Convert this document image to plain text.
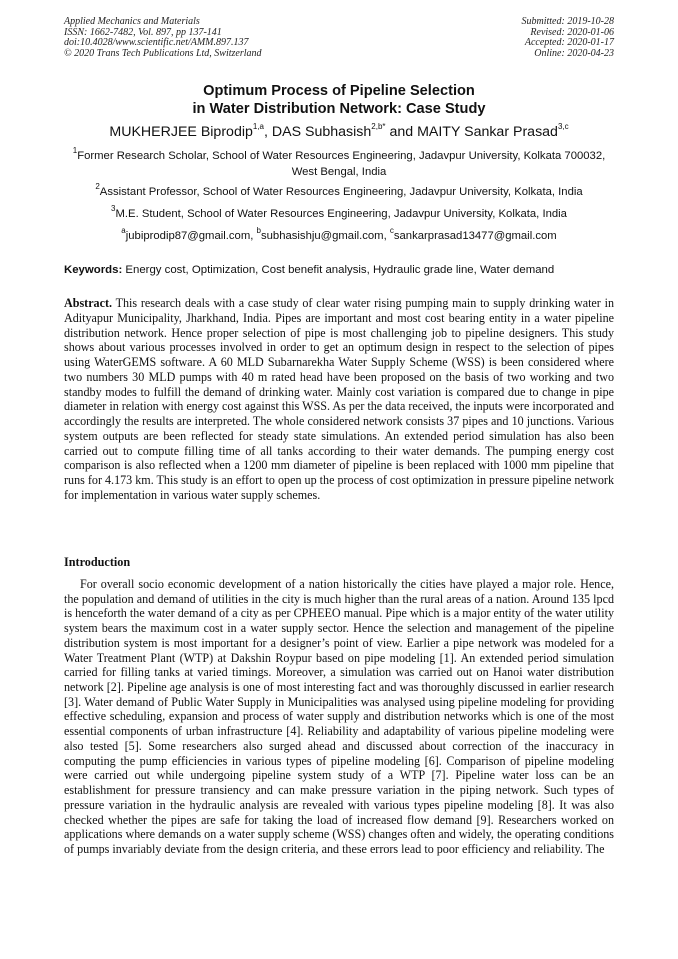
Applied Mechanics and Materials
ISSN: 1662-7482, Vol. 897, pp 137-141
doi:10.4028/www.scientific.net/AMM.897.137
© 2020 Trans Tech Publications Ltd, Switzerland
Submitted: 2019-10-28
Revised: 2020-01-06
Accepted: 2020-01-17
Online: 2020-04-23
Optimum Process of Pipeline Selection
in Water Distribution Network: Case Study
MUKHERJEE Biprodip$^{1,a}$, DAS Subhasish$^{2,b*}$ and MAITY Sankar Prasad$^{3,c}$
$^1$Former Research Scholar, School of Water Resources Engineering, Jadavpur University, Kolkata 700032, West Bengal, India
$^2$Assistant Professor, School of Water Resources Engineering, Jadavpur University, Kolkata, India
$^3$M.E. Student, School of Water Resources Engineering, Jadavpur University, Kolkata, India
$^a$jubiprodip87@gmail.com, $^b$subhasishju@gmail.com, $^c$sankarprasad13477@gmail.com
Keywords: Energy cost, Optimization, Cost benefit analysis, Hydraulic grade line, Water demand

Abstract. This research deals with a case study of clear water rising pumping main to supply drinking water in Adityapur Municipality, Jharkhand, India. Pipes are important and most cost bearing entity in a water pipeline distribution network. Hence proper selection of pipe is most challenging job to pipeline designers. This study shows about various processes involved in order to get an optimum design in respect to the selection of pipes using WaterGEMS software. A 60 MLD Subarnarekha Water Supply Scheme (WSS) is been considered where two numbers 30 MLD pumps with 40 m rated head have been proposed on the basis of two working and two standby modes to fulfill the demand of drinking water. Mainly cost variation is compared due to change in pipe diameter in relation with energy cost against this WSS. As per the data received, the inputs were incorporated and accordingly the results are interpreted. The whole considered network consists 37 pipes and 10 junctions. Various system outputs are been reflected for steady state simulations. An extended period simulation has also been carried out to compute filling time of all tanks according to their water demands. The pumping energy cost comparison is also reflected when a 1200 mm diameter of pipeline is been replaced with 1000 mm pipeline that runs for 4.173 km. This study is an effort to open up the process of cost optimization in pressure pipeline network for implementation in various water supply schemes.

Introduction

For overall socio economic development of a nation historically the cities have played a major role. Hence, the population and demand of utilities in the city is much higher than the rural areas of a nation. Around 135 lpcd is henceforth the water demand of a city as per CPHEEO manual. Pipe which is a major entity of the water utility system bears the maximum cost in a water supply sector. Hence the selection and management of the pipeline distribution system is most important for a designer’s point of view. Earlier a pipe network was modeled for a Water Treatment Plant (WTP) at Dakshin Roypur based on pipe modeling [1]. An extended period simulation carried for filling tanks at varied timings. Moreover, a simulation was carried out on Hanoi water distribution network [2]. Pipeline age analysis is one of most interesting fact and was thoroughly discussed in earlier research [3]. Water demand of Public Water Supply in Municipalities was analysed using pipeline modeling for providing effective scheduling, expansion and process of water supply and distribution networks which is one of the most essential components of urban infrastructure [4]. Reliability and adaptability of various pipeline modeling were also tested [5]. Some researchers also surged ahead and discussed about correction of the inaccuracy in computing the pump efficiencies in various types of pipeline modeling [6]. Comparison of pipeline modeling were carried out while undergoing pipeline system study of a WTP [7]. Pipeline water loss can be an establishment for pressure transiency and can make pressure variation in the piping network. Such types of pressure variation in the hydraulic analysis are revealed with various types pipeline modeling [8]. It was also checked whether the pipes are safe for taking the load of increased flow demand [9]. Researchers worked on applications where demands on a water supply scheme (WSS) changes often and widely, the operating conditions of pumps invariably deviate from the design criteria, and these errors lead to poor efficiency and reliability. The
